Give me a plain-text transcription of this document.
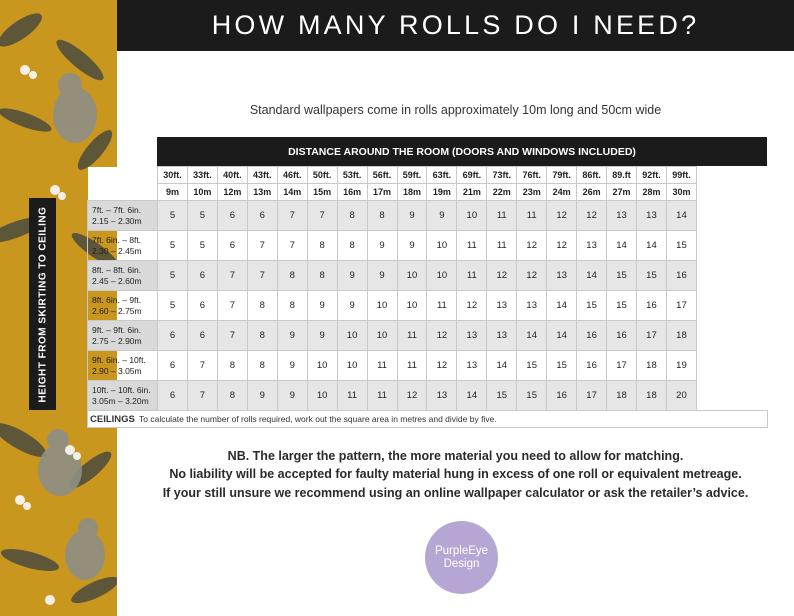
HOW MANY ROLLS DO I NEED?
Standard wallpapers come in rolls approximately 10m long and 50cm wide
DISTANCE AROUND THE ROOM (DOORS AND WINDOWS INCLUDED)
	30ft.	33ft.	40ft.	43ft.	46ft.	50ft.	53ft.	56ft.	59ft.	63ft.	69ft.	73ft.	76ft.	79ft.	86ft.	89.ft	92ft.	99ft.
	9m	10m	12m	13m	14m	15m	16m	17m	18m	19m	21m	22m	23m	24m	26m	27m	28m	30m

7ft. – 7ft. 6in.
2.15 – 2.30m	5	5	6	6	7	7	8	8	9	9	10	11	11	12	12	13	13	14

7ft. 6in. – 8ft.
2.30 – 2.45m	5	5	6	7	7	8	8	9	9	10	11	11	12	12	13	14	14	15

8ft. – 8ft. 6in.
2.45 – 2.60m	5	6	7	7	8	8	9	9	10	10	11	12	12	13	14	15	15	16

8ft. 6in. – 9ft.
2.60 – 2.75m	5	6	7	8	8	9	9	10	10	11	12	13	13	14	15	15	16	17

9ft. – 9ft. 6in.
2.75 – 2.90m	6	6	7	8	9	9	10	10	11	12	13	13	14	14	16	16	17	18

9ft. 6in. – 10ft.
2.90 – 3.05m	6	7	8	8	9	10	10	11	11	12	13	14	15	15	16	17	18	19

10ft. – 10ft. 6in.
3.05m – 3.20m	6	7	8	9	9	10	11	11	12	13	14	15	15	16	17	18	18	20
HEIGHT FROM SKIRTING TO CEILING
CEILINGS To calculate the number of rolls required, work out the square area in metres and divide by five.
NB. The larger the pattern, the more material you need to allow for matching.
No liability will be accepted for faulty material hung in excess of one roll or equivalent metreage.
If your still unsure we recommend using an online wallpaper calculator or ask the retailer’s advice.
PurpleEye
Design
